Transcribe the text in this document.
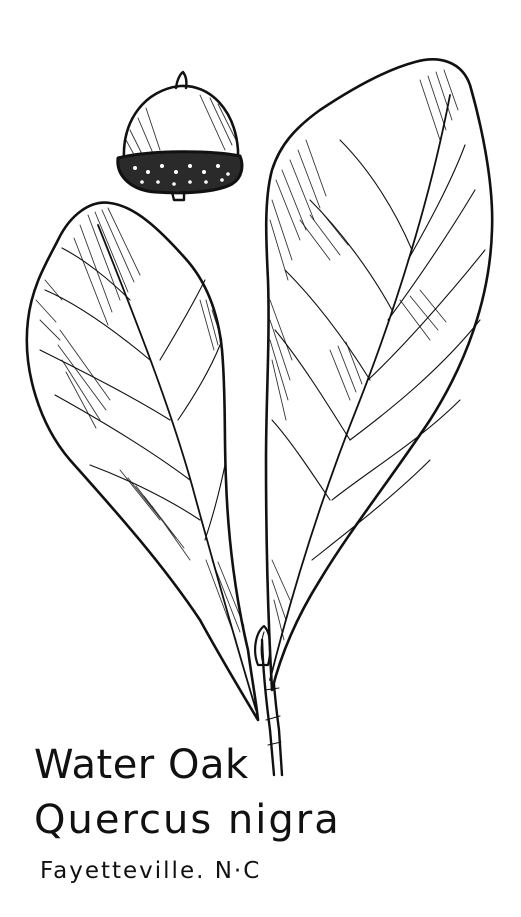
Water Oak
Quercus nigra
Fayetteville. N·C
